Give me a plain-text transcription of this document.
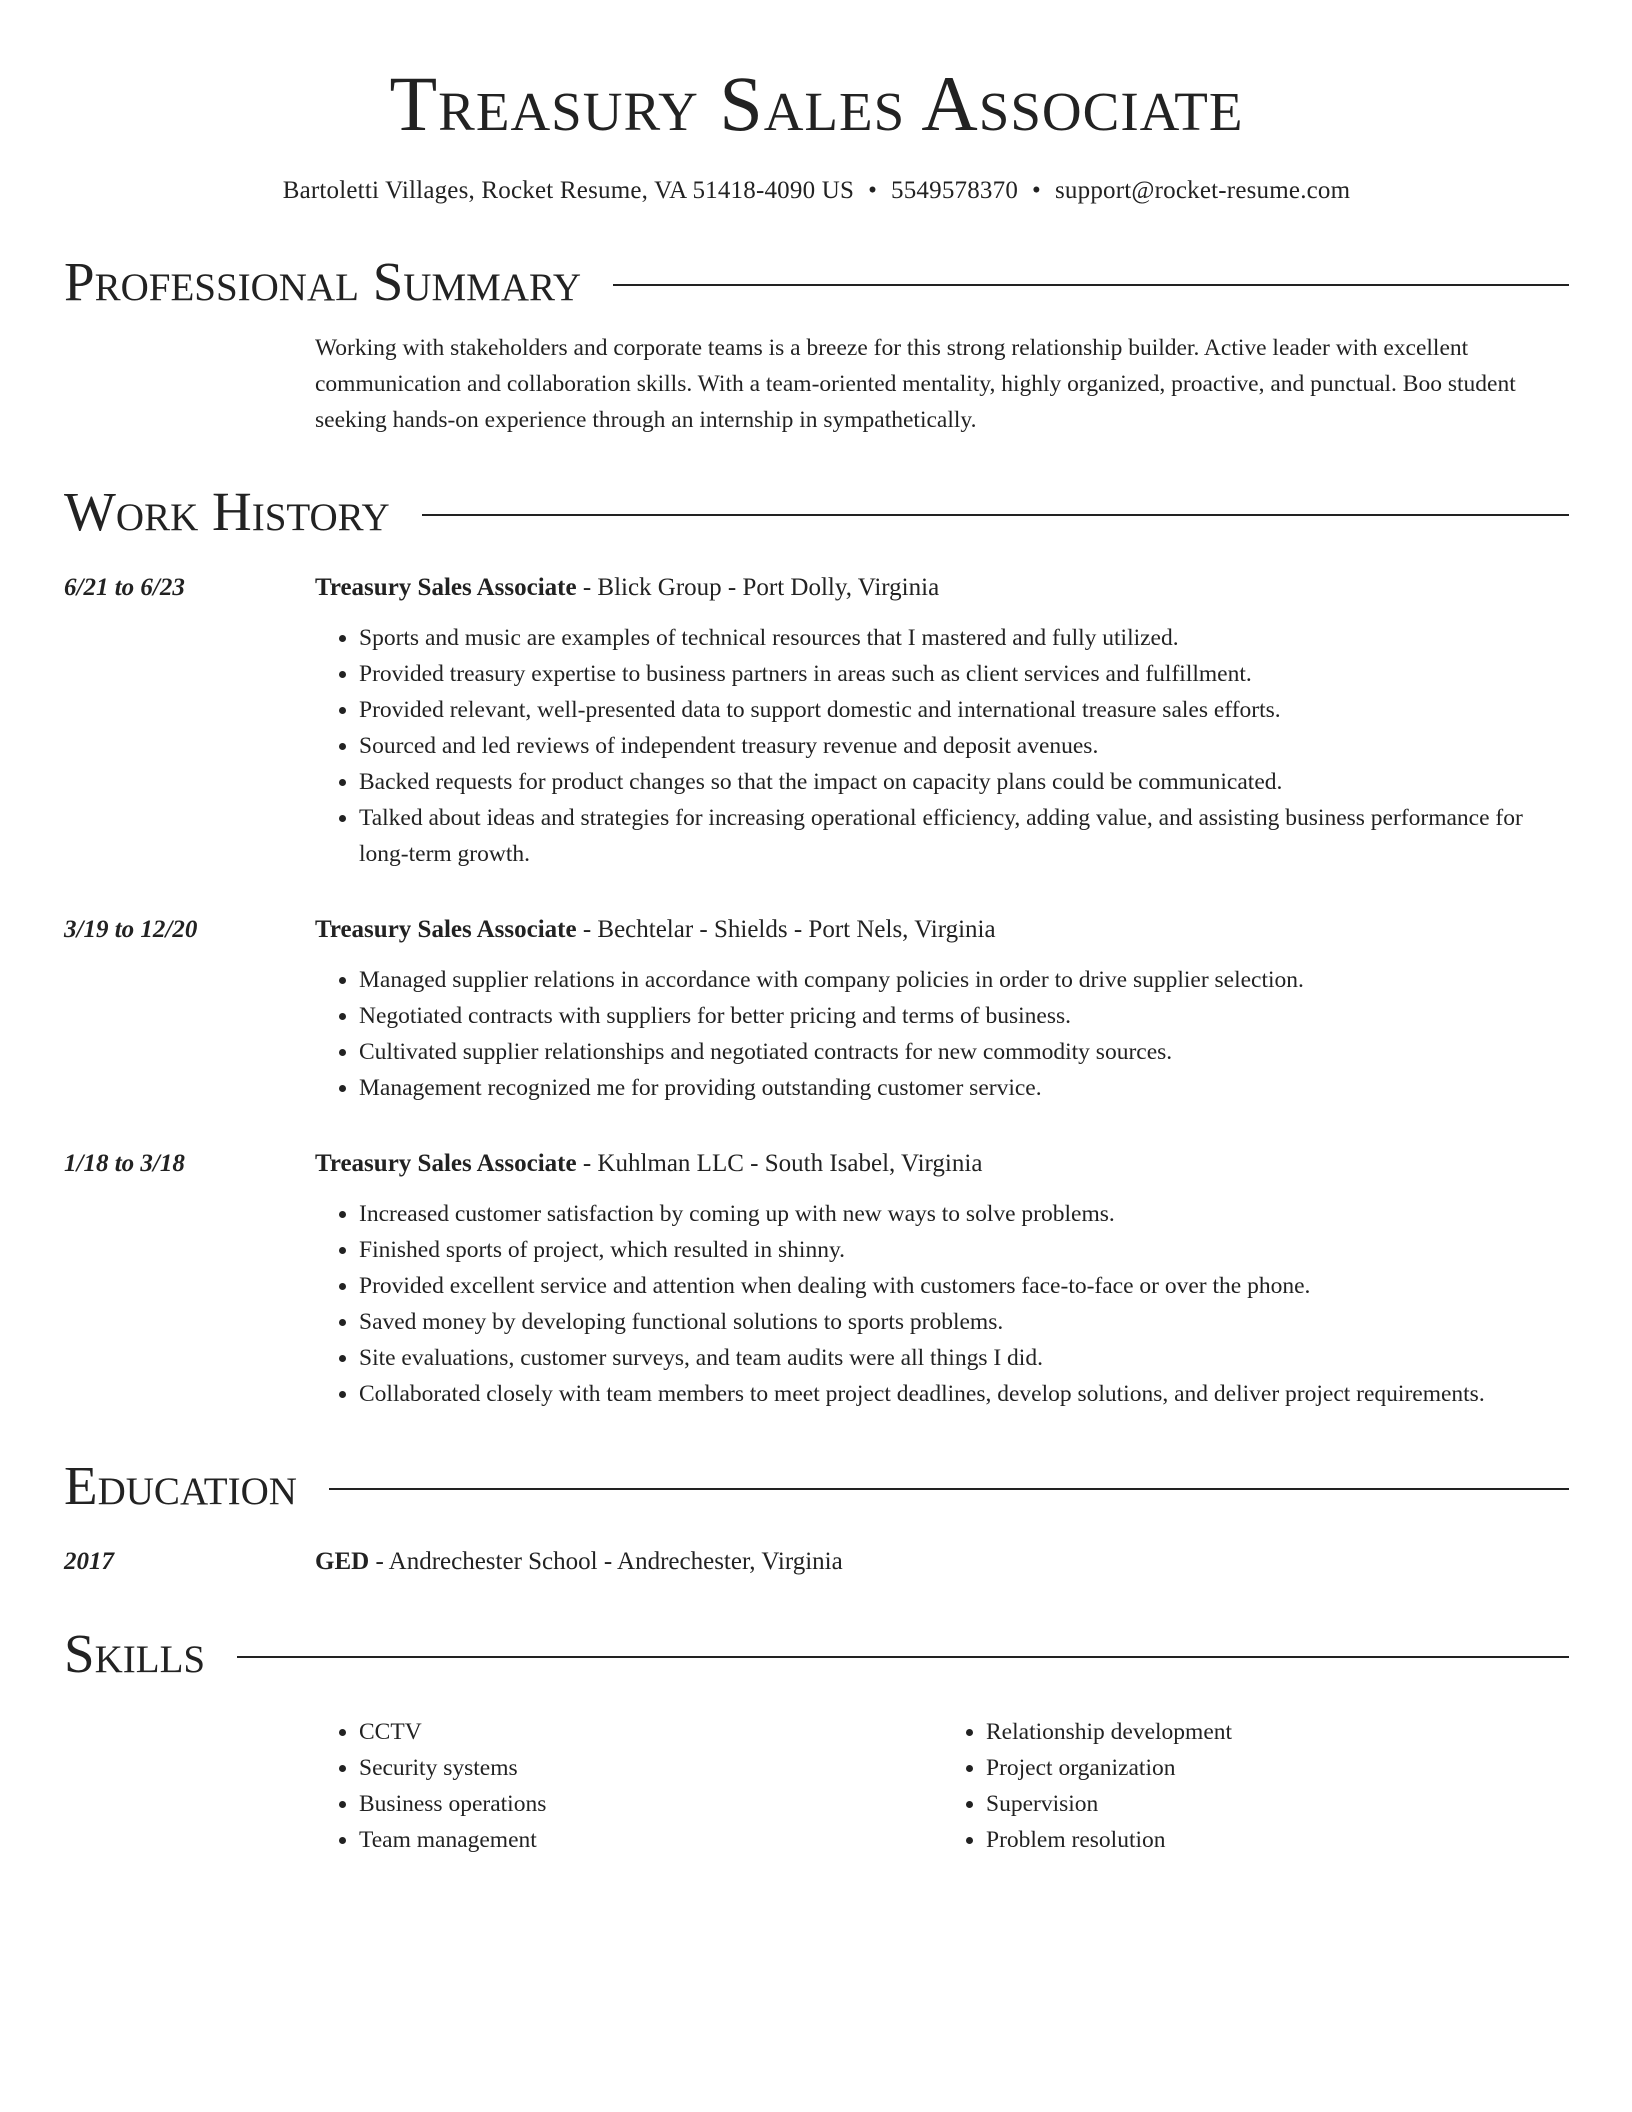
Treasury Sales Associate
Bartoletti Villages, Rocket Resume, VA 51418-4090 US • 5549578370 • support@rocket-resume.com
Professional Summary
Working with stakeholders and corporate teams is a breeze for this strong relationship builder. Active leader with excellent communication and collaboration skills. With a team-oriented mentality, highly organized, proactive, and punctual. Boo student seeking hands-on experience through an internship in sympathetically.
Work History
6/21 to 6/23	Treasury Sales Associate - Blick Group - Port Dolly, Virginia
• Sports and music are examples of technical resources that I mastered and fully utilized.
• Provided treasury expertise to business partners in areas such as client services and fulfillment.
• Provided relevant, well-presented data to support domestic and international treasure sales efforts.
• Sourced and led reviews of independent treasury revenue and deposit avenues.
• Backed requests for product changes so that the impact on capacity plans could be communicated.
• Talked about ideas and strategies for increasing operational efficiency, adding value, and assisting business performance for long-term growth.
3/19 to 12/20	Treasury Sales Associate - Bechtelar - Shields - Port Nels, Virginia
• Managed supplier relations in accordance with company policies in order to drive supplier selection.
• Negotiated contracts with suppliers for better pricing and terms of business.
• Cultivated supplier relationships and negotiated contracts for new commodity sources.
• Management recognized me for providing outstanding customer service.
1/18 to 3/18	Treasury Sales Associate - Kuhlman LLC - South Isabel, Virginia
• Increased customer satisfaction by coming up with new ways to solve problems.
• Finished sports of project, which resulted in shinny.
• Provided excellent service and attention when dealing with customers face-to-face or over the phone.
• Saved money by developing functional solutions to sports problems.
• Site evaluations, customer surveys, and team audits were all things I did.
• Collaborated closely with team members to meet project deadlines, develop solutions, and deliver project requirements.
Education
2017	GED - Andrechester School - Andrechester, Virginia
Skills
• CCTV
• Security systems
• Business operations
• Team management
• Relationship development
• Project organization
• Supervision
• Problem resolution
